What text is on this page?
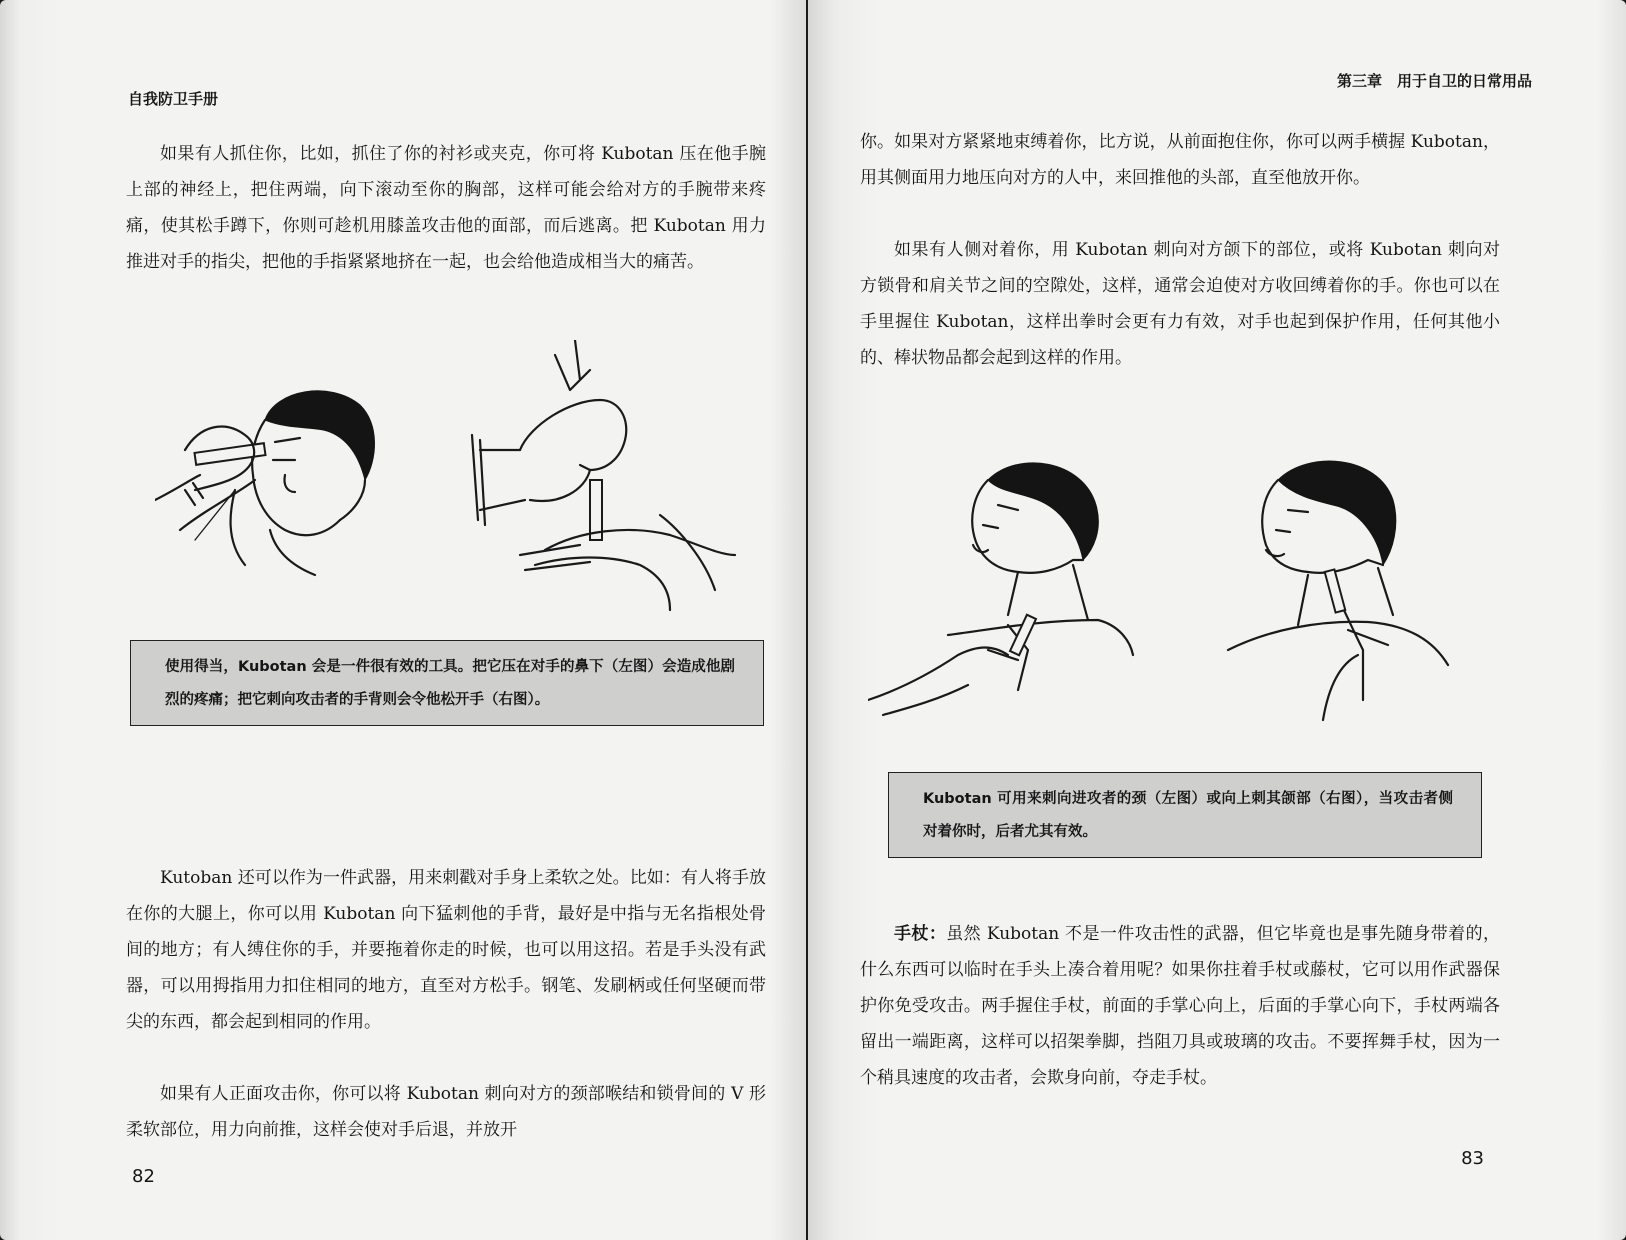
自我防卫手册

如果有人抓住你，比如，抓住了你的衬衫或夹克，你可将 Kubotan 压在他手腕上部的神经上，把住两端，向下滚动至你的胸部，这样可能会给对方的手腕带来疼痛，使其松手蹲下，你则可趁机用膝盖攻击他的面部，而后逃离。把 Kubotan 用力推进对手的指尖，把他的手指紧紧地挤在一起，也会给他造成相当大的痛苦。

使用得当，Kubotan 会是一件很有效的工具。把它压在对手的鼻下（左图）会造成他剧烈的疼痛；把它刺向攻击者的手背则会令他松开手（右图）。

Kutoban 还可以作为一件武器，用来刺戳对手身上柔软之处。比如：有人将手放在你的大腿上，你可以用 Kubotan 向下猛刺他的手背，最好是中指与无名指根处骨间的地方；有人缚住你的手，并要拖着你走的时候，也可以用这招。若是手头没有武器，可以用拇指用力扣住相同的地方，直至对方松手。钢笔、发刷柄或任何坚硬而带尖的东西，都会起到相同的作用。

如果有人正面攻击你，你可以将 Kubotan 刺向对方的颈部喉结和锁骨间的 V 形柔软部位，用力向前推，这样会使对手后退，并放开

82
第三章　用于自卫的日常用品

你。如果对方紧紧地束缚着你，比方说，从前面抱住你，你可以两手横握 Kubotan，用其侧面用力地压向对方的人中，来回推他的头部，直至他放开你。

如果有人侧对着你，用 Kubotan 刺向对方颌下的部位，或将 Kubotan 刺向对方锁骨和肩关节之间的空隙处，这样，通常会迫使对方收回缚着你的手。你也可以在手里握住 Kubotan，这样出拳时会更有力有效，对手也起到保护作用，任何其他小的、棒状物品都会起到这样的作用。

Kubotan 可用来刺向进攻者的颈（左图）或向上刺其颌部（右图），当攻击者侧对着你时，后者尤其有效。

手杖：虽然 Kubotan 不是一件攻击性的武器，但它毕竟也是事先随身带着的，什么东西可以临时在手头上凑合着用呢？如果你拄着手杖或藤杖，它可以用作武器保护你免受攻击。两手握住手杖，前面的手掌心向上，后面的手掌心向下，手杖两端各留出一端距离，这样可以招架拳脚，挡阻刀具或玻璃的攻击。不要挥舞手杖，因为一个稍具速度的攻击者，会欺身向前，夺走手杖。

83
